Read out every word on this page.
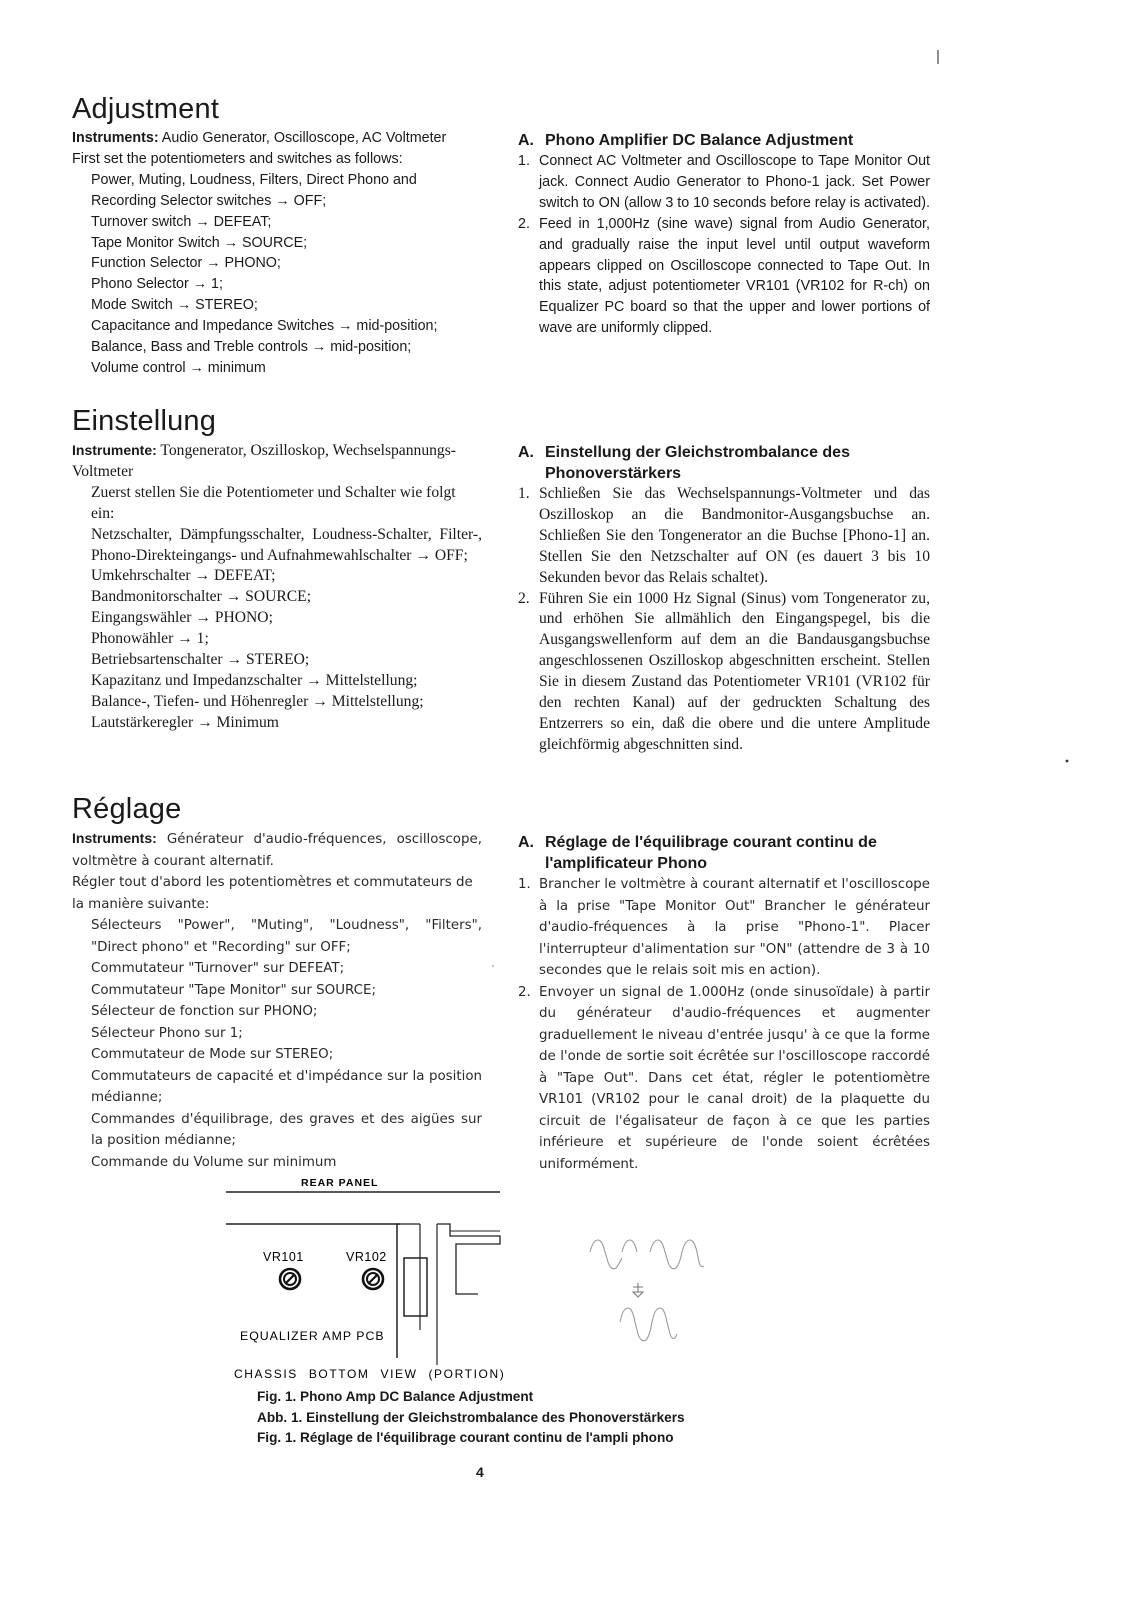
Adjustment

Instruments: Audio Generator, Oscilloscope, AC Voltmeter

First set the potentiometers and switches as follows:

Power, Muting, Loudness, Filters, Direct Phono and Recording Selector switches → OFF;

Turnover switch → DEFEAT;

Tape Monitor Switch → SOURCE;

Function Selector → PHONO;

Phono Selector → 1;

Mode Switch → STEREO;

Capacitance and Impedance Switches → mid-position;

Balance, Bass and Treble controls → mid-position;

Volume control → minimum

A. Phono Amplifier DC Balance Adjustment

1. Connect AC Voltmeter and Oscilloscope to Tape Monitor Out jack. Connect Audio Generator to Phono-1 jack. Set Power switch to ON (allow 3 to 10 seconds before relay is activated).
2. Feed in 1,000Hz (sine wave) signal from Audio Generator, and gradually raise the input level until output waveform appears clipped on Oscilloscope connected to Tape Out. In this state, adjust potentiometer VR101 (VR102 for R-ch) on Equalizer PC board so that the upper and lower portions of wave are uniformly clipped.
Einstellung

Instrumente: Tongenerator, Oszilloskop, Wechselspannungs-Voltmeter

Zuerst stellen Sie die Potentiometer und Schalter wie folgt ein:

Netzschalter, Dämpfungsschalter, Loudness-Schalter, Filter-, Phono-Direkteingangs- und Aufnahmewahlschalter → OFF;

Umkehrschalter → DEFEAT;

Bandmonitorschalter → SOURCE;

Eingangswähler → PHONO;

Phonowähler → 1;

Betriebsartenschalter → STEREO;

Kapazitanz und Impedanzschalter → Mittelstellung;

Balance-, Tiefen- und Höhenregler → Mittelstellung;

Lautstärkeregler → Minimum

A. Einstellung der Gleichstrombalance des Phonoverstärkers

1. Schließen Sie das Wechselspannungs-Voltmeter und das Oszilloskop an die Bandmonitor-Ausgangsbuchse an. Schließen Sie den Tongenerator an die Buchse [Phono-1] an. Stellen Sie den Netzschalter auf ON (es dauert 3 bis 10 Sekunden bevor das Relais schaltet).
2. Führen Sie ein 1000 Hz Signal (Sinus) vom Tongenerator zu, und erhöhen Sie allmählich den Eingangspegel, bis die Ausgangswellenform auf dem an die Bandausgangsbuchse angeschlossenen Oszilloskop abgeschnitten erscheint. Stellen Sie in diesem Zustand das Potentiometer VR101 (VR102 für den rechten Kanal) auf der gedruckten Schaltung des Entzerrers so ein, daß die obere und die untere Amplitude gleichförmig abgeschnitten sind.
Réglage

Instruments: Générateur d'audio-fréquences, oscilloscope, voltmètre à courant alternatif.

Régler tout d'abord les potentiomètres et commutateurs de la manière suivante:

Sélecteurs "Power", "Muting", "Loudness", "Filters", "Direct phono" et "Recording" sur OFF;

Commutateur "Turnover" sur DEFEAT;

Commutateur "Tape Monitor" sur SOURCE;

Sélecteur de fonction sur PHONO;

Sélecteur Phono sur 1;

Commutateur de Mode sur STEREO;

Commutateurs de capacité et d'impédance sur la position médianne;

Commandes d'équilibrage, des graves et des aigües sur la position médianne;

Commande du Volume sur minimum

A. Réglage de l'équilibrage courant continu de l'amplificateur Phono

1. Brancher le voltmètre à courant alternatif et l'oscilloscope à la prise "Tape Monitor Out" Brancher le générateur d'audio-fréquences à la prise "Phono-1". Placer l'interrupteur d'alimentation sur "ON" (attendre de 3 à 10 secondes que le relais soit mis en action).
2. Envoyer un signal de 1.000Hz (onde sinusoïdale) à partir du générateur d'audio-fréquences et augmenter graduellement le niveau d'entrée jusqu' à ce que la forme de l'onde de sortie soit écrêtée sur l'oscilloscope raccordé à "Tape Out". Dans cet état, régler le potentiomètre VR101 (VR102 pour le canal droit) de la plaquette du circuit de l'égalisateur de façon à ce que les parties inférieure et supérieure de l'onde soient écrêtées uniformément.
REAR PANEL
VR101	VR102
EQUALIZER AMP PCB
CHASSIS BOTTOM VIEW (PORTION)

Fig. 1. Phono Amp DC Balance Adjustment

Abb. 1. Einstellung der Gleichstrombalance des Phonoverstärkers

Fig. 1. Réglage de l'équilibrage courant continu de l'ampli phono

4
